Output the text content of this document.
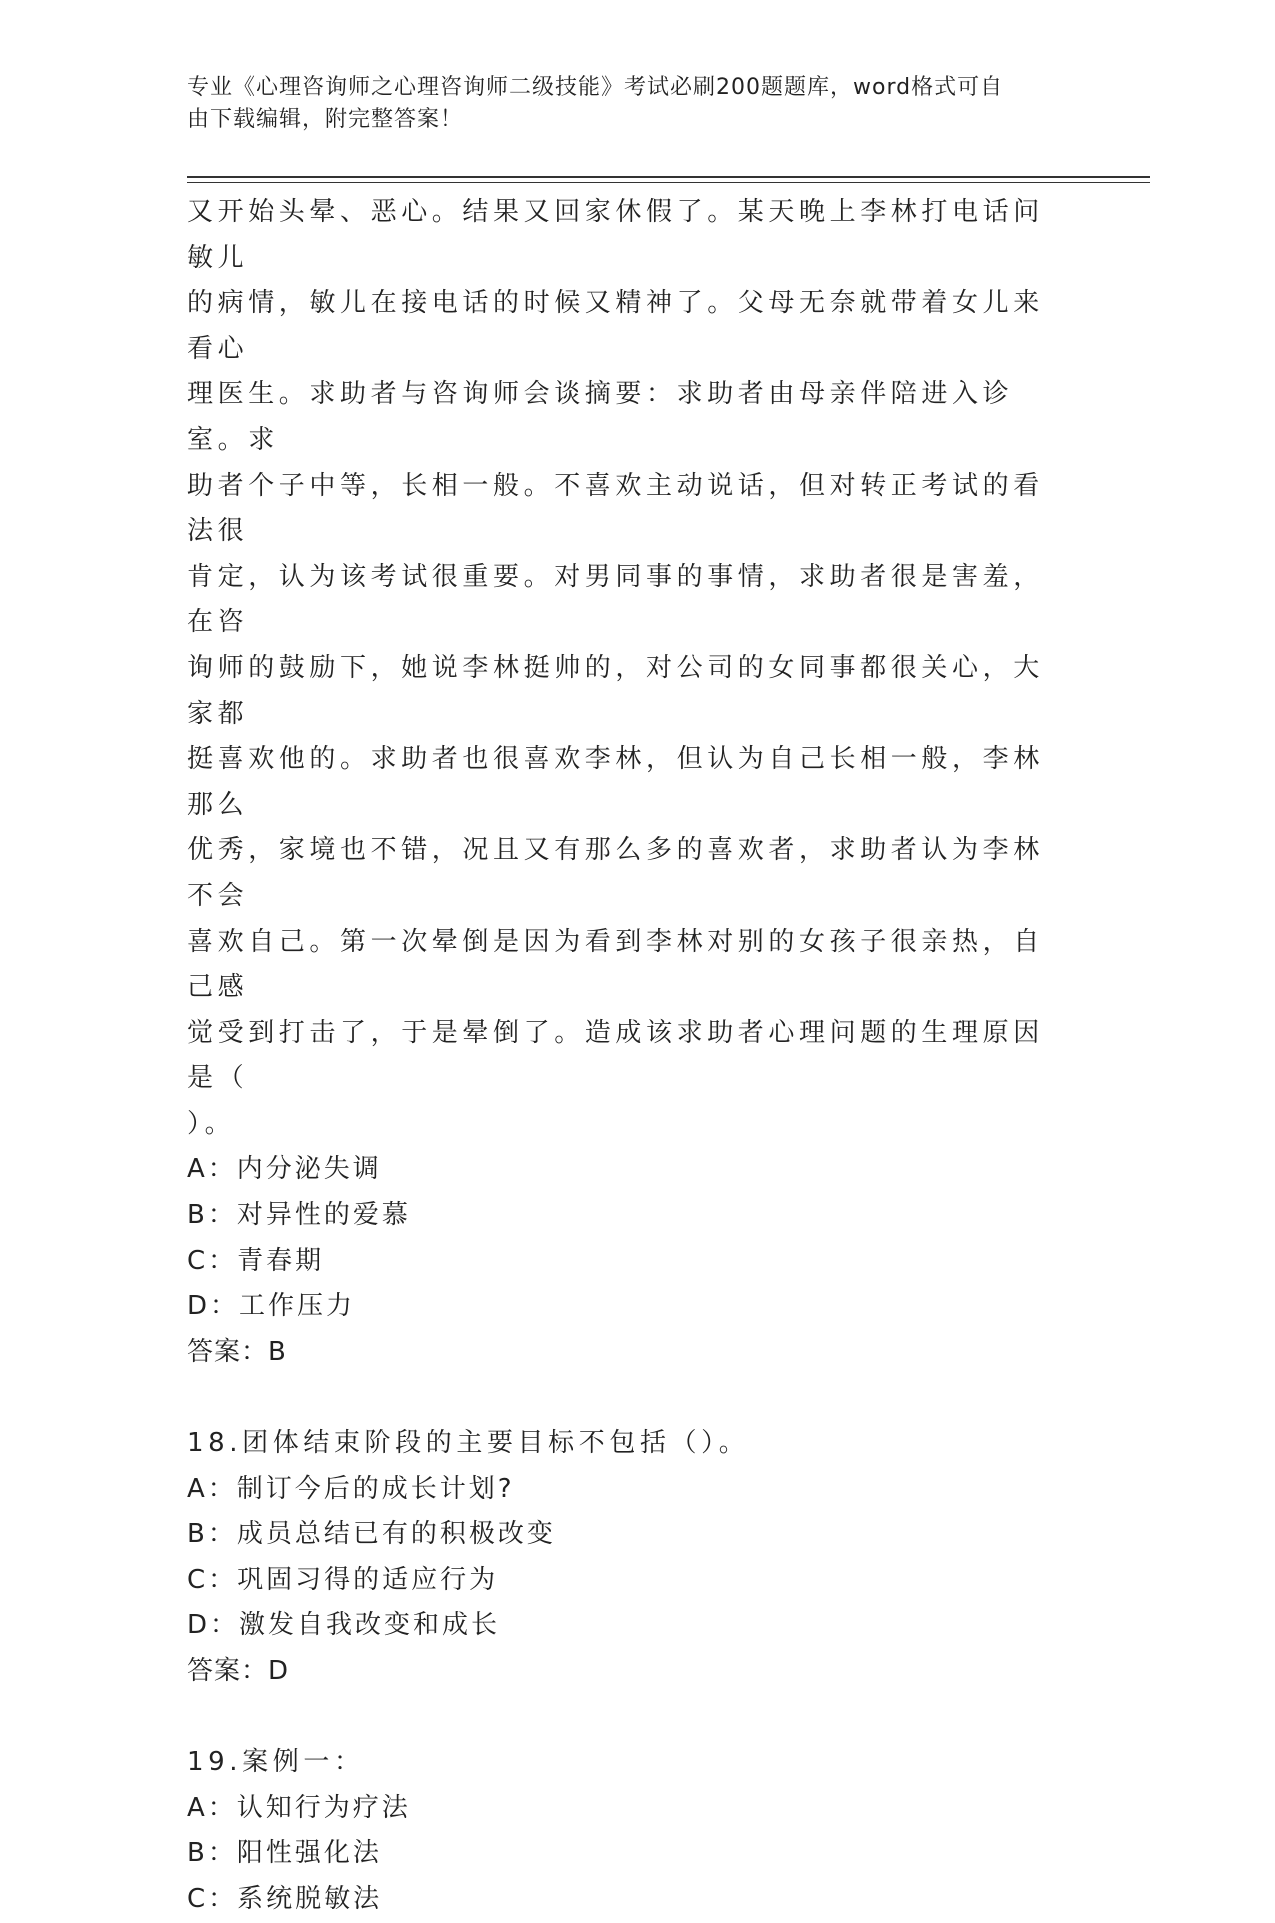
专业《心理咨询师之心理咨询师二级技能》考试必刷200题题库，word格式可自
由下载编辑，附完整答案！

又开始头晕、恶心。结果又回家休假了。某天晚上李林打电话问敏儿

的病情，敏儿在接电话的时候又精神了。父母无奈就带着女儿来看心

理医生。求助者与咨询师会谈摘要：求助者由母亲伴陪进入诊室。求

助者个子中等，长相一般。不喜欢主动说话，但对转正考试的看法很

肯定，认为该考试很重要。对男同事的事情，求助者很是害羞，在咨

询师的鼓励下，她说李林挺帅的，对公司的女同事都很关心，大家都

挺喜欢他的。求助者也很喜欢李林，但认为自己长相一般，李林那么

优秀，家境也不错，况且又有那么多的喜欢者，求助者认为李林不会

喜欢自己。第一次晕倒是因为看到李林对别的女孩子很亲热，自己感

觉受到打击了，于是晕倒了。造成该求助者心理问题的生理原因是（

）。

A：内分泌失调

B：对异性的爱慕

C：青春期

D：工作压力

答案：B

18.团体结束阶段的主要目标不包括（）。

A：制订今后的成长计划?

B：成员总结已有的积极改变

C：巩固习得的适应行为

D：激发自我改变和成长

答案：D

19.案例一：

A：认知行为疗法

B：阳性强化法

C：系统脱敏法
